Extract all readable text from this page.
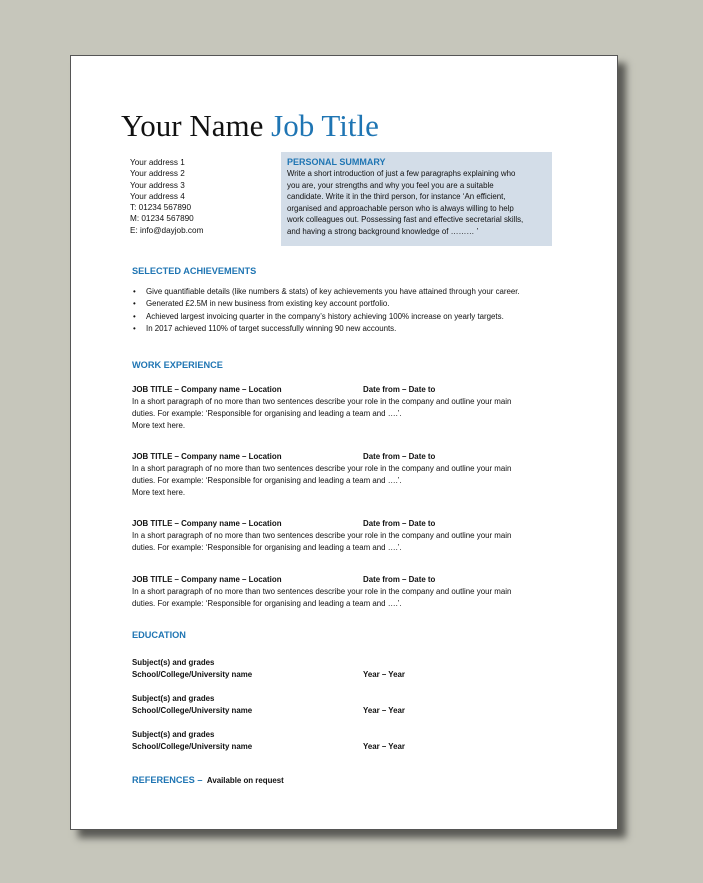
Your Name Job Title
Your address 1
Your address 2
Your address 3
Your address 4
T: 01234 567890
M: 01234 567890
E: info@dayjob.com
PERSONAL SUMMARY
Write a short introduction of just a few paragraphs explaining who
you are, your strengths and why you feel you are a suitable
candidate. Write it in the third person, for instance ‘An efficient,
organised and approachable person who is always willing to help
work colleagues out. Possessing fast and effective secretarial skills,
and having a strong background knowledge of ……… ’
SELECTED ACHIEVEMENTS
• Give quantifiable details (like numbers & stats) of key achievements you have attained through your career.
• Generated £2.5M in new business from existing key account portfolio.
• Achieved largest invoicing quarter in the company’s history achieving 100% increase on yearly targets.
• In 2017 achieved 110% of target successfully winning 90 new accounts.
WORK EXPERIENCE
JOB TITLE – Company name – Location	Date from – Date to
In a short paragraph of no more than two sentences describe your role in the company and outline your main
duties. For example: ‘Responsible for organising and leading a team and ….’.
More text here.
JOB TITLE – Company name – Location	Date from – Date to
In a short paragraph of no more than two sentences describe your role in the company and outline your main
duties. For example: ‘Responsible for organising and leading a team and ….’.
More text here.
JOB TITLE – Company name – Location	Date from – Date to
In a short paragraph of no more than two sentences describe your role in the company and outline your main
duties. For example: ‘Responsible for organising and leading a team and ….’.
JOB TITLE – Company name – Location	Date from – Date to
In a short paragraph of no more than two sentences describe your role in the company and outline your main
duties. For example: ‘Responsible for organising and leading a team and ….’.
EDUCATION
Subject(s) and grades
School/College/University name	Year – Year
Subject(s) and grades
School/College/University name	Year – Year
Subject(s) and grades
School/College/University name	Year – Year
REFERENCES – Available on request
